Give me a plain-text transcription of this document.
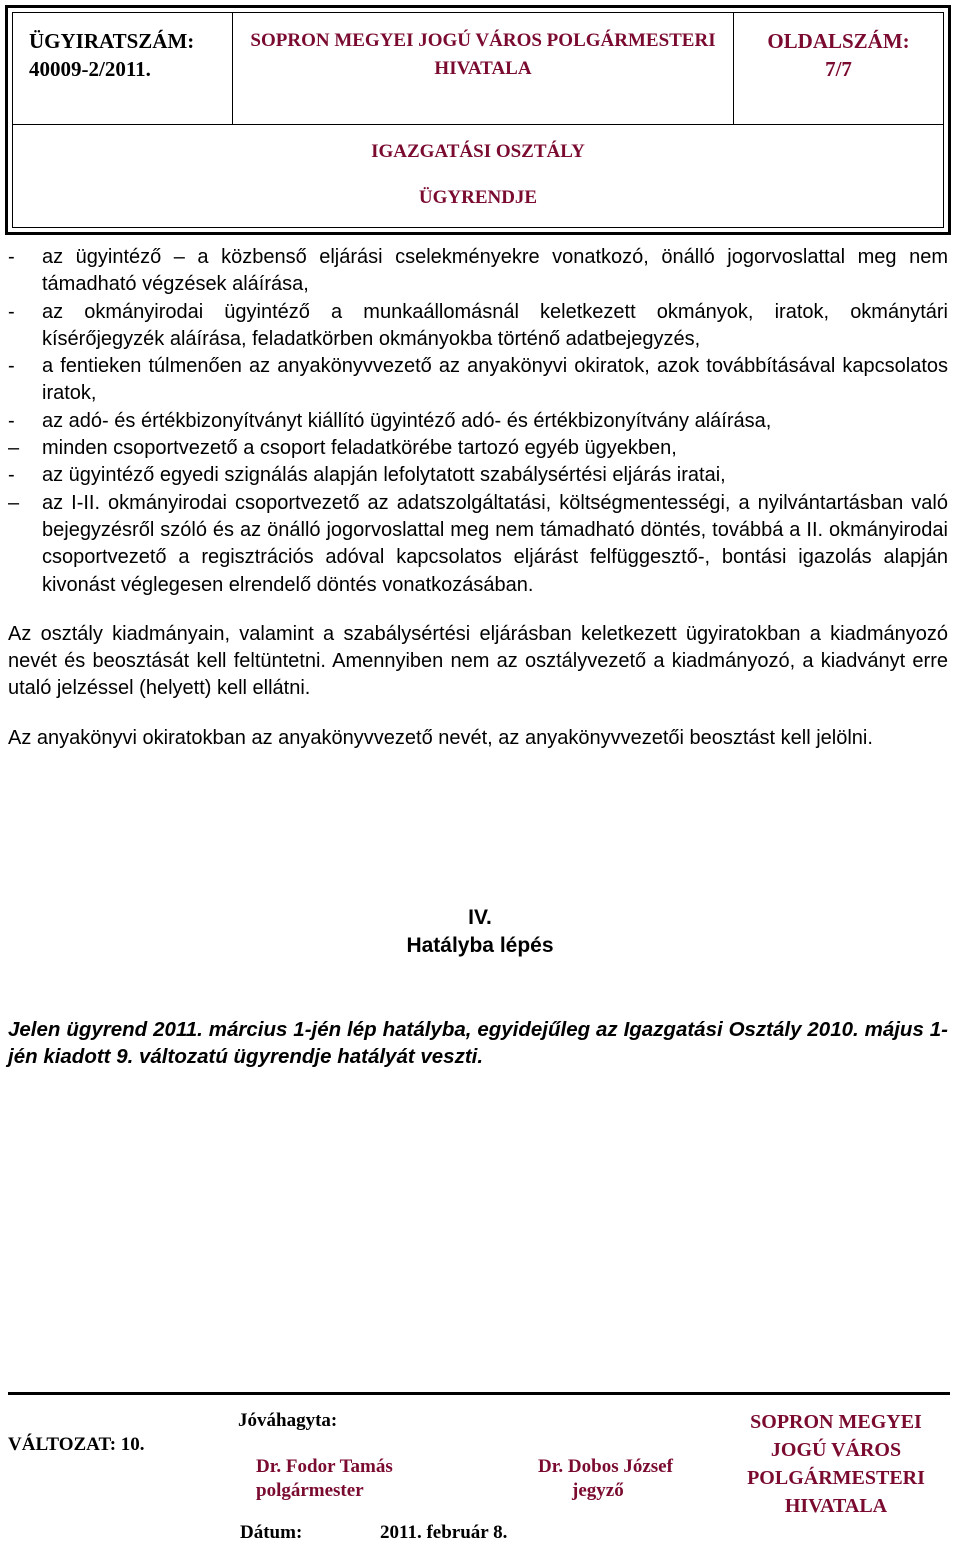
ÜGYIRATSZÁM:
40009-2/2011.
SOPRON MEGYEI JOGÚ VÁROS POLGÁRMESTERI
HIVATALA
OLDALSZÁM:
7/7
IGAZGATÁSI OSZTÁLY
ÜGYRENDJE
- az ügyintéző – a közbenső eljárási cselekményekre vonatkozó, önálló jogorvoslattal meg nem támadható végzések aláírása,
- az okmányirodai ügyintéző a munkaállomásnál keletkezett okmányok, iratok, okmánytári kísérőjegyzék aláírása, feladatkörben okmányokba történő adatbejegyzés,
- a fentieken túlmenően az anyakönyvvezető az anyakönyvi okiratok, azok továbbításával kapcsolatos iratok,
- az adó- és értékbizonyítványt kiállító ügyintéző adó- és értékbizonyítvány aláírása,
– minden csoportvezető a csoport feladatkörébe tartozó egyéb ügyekben,
- az ügyintéző egyedi szignálás alapján lefolytatott szabálysértési eljárás iratai,
– az I-II. okmányirodai csoportvezető az adatszolgáltatási, költségmentességi, a nyilvántartásban való bejegyzésről szóló és az önálló jogorvoslattal meg nem támadható döntés, továbbá a II. okmányirodai csoportvezető a regisztrációs adóval kapcsolatos eljárást felfüggesztő-, bontási igazolás alapján kivonást véglegesen elrendelő döntés vonatkozásában.
Az osztály kiadmányain, valamint a szabálysértési eljárásban keletkezett ügyiratokban a kiadmányozó nevét és beosztását kell feltüntetni. Amennyiben nem az osztályvezető a kiadmányozó, a kiadványt erre utaló jelzéssel (helyett) kell ellátni.
Az anyakönyvi okiratokban az anyakönyvvezető nevét, az anyakönyvvezetői beosztást kell jelölni.
IV.
Hatályba lépés
Jelen ügyrend 2011. március 1-jén lép hatályba, egyidejűleg az Igazgatási Osztály 2010. május 1-jén kiadott 9. változatú ügyrendje hatályát veszti.
VÁLTOZAT: 10.
Jóváhagyta:
Dr. Fodor Tamás
polgármester
Dr. Dobos József
jegyző
Dátum:	2011. február 8.
SOPRON MEGYEI
JOGÚ VÁROS
POLGÁRMESTERI
HIVATALA
